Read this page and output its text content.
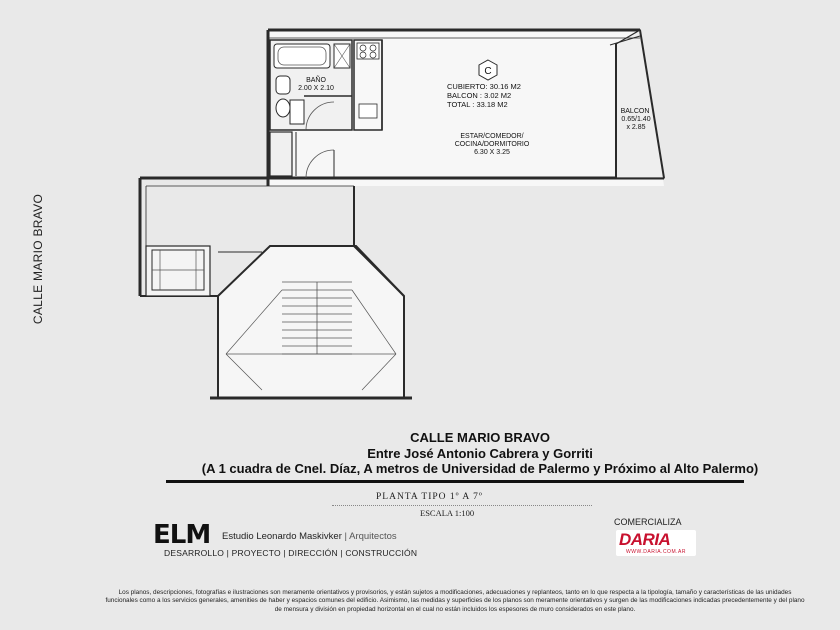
C
CUBIERTO: 30.16 M2
BALCON : 3.02 M2
TOTAL : 33.18 M2
ESTAR/COMEDOR/
COCINA/DORMITORIO
6.30 X 3.25
BAÑO
2.00 X 2.10
BALCON
0.65/1.40
x 2.85
CALLE MARIO BRAVO
CALLE MARIO BRAVO
Entre José Antonio Cabrera y Gorriti
(A 1 cuadra de Cnel. Díaz, A metros de Universidad de Palermo y Próximo al Alto Palermo)
PLANTA TIPO 1º A 7º
ESCALA 1:100
ELM Estudio Leonardo Maskivker | Arquitectos
DESARROLLO | PROYECTO | DIRECCIÓN | CONSTRUCCIÓN
COMERCIALIZA
DARIA
WWW.DARIA.COM.AR
Los planos, descripciones, fotografías e ilustraciones son meramente orientativos y provisorios, y están sujetos a modificaciones, adecuaciones y replanteos, tanto en lo que respecta a la tipología, tamaño y características de las unidades funcionales como a los servicios generales, amenities de haber y espacios comunes del edificio. Asimismo, las medidas y superficies de los planos son meramente orientativos y surgen de las modificaciones indicadas precedentemente y del plano de mensura y división en propiedad horizontal en el cual no están incluidos los espesores de muro considerados en este plano.
